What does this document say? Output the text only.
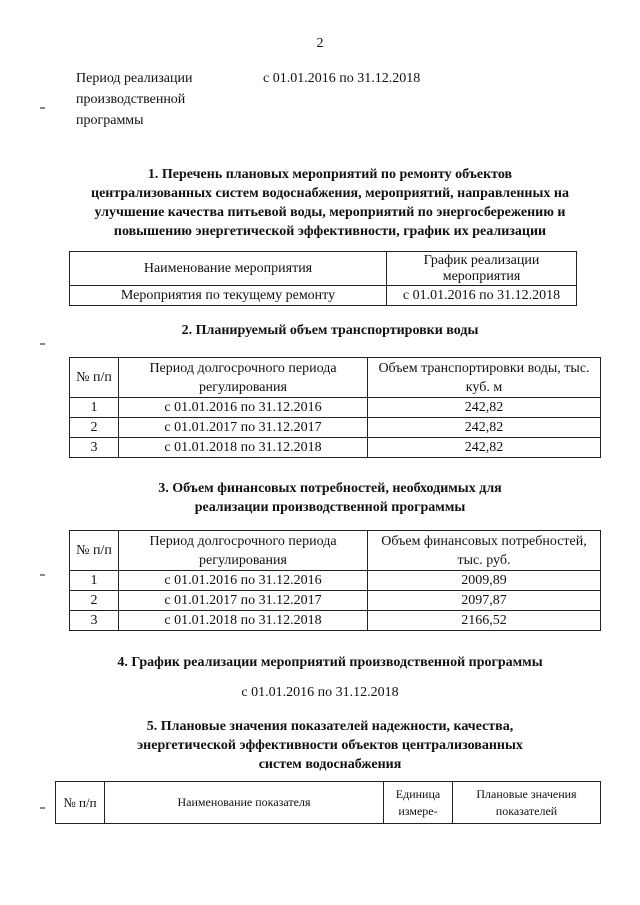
2
Период реализации
производственной
программы
с 01.01.2016 по 31.12.2018
1. Перечень плановых мероприятий по ремонту объектов
централизованных систем водоснабжения, мероприятий, направленных на
улучшение качества питьевой воды, мероприятий по энергосбережению и
повышению энергетической эффективности, график их реализации
Наименование мероприятия	График реализации мероприятия
Мероприятия по текущему ремонту	с 01.01.2016 по 31.12.2018
2. Планируемый объем транспортировки воды
№ п/п	Период долгосрочного периода регулирования	Объем транспортировки воды, тыс. куб. м
1	с 01.01.2016 по 31.12.2016	242,82
2	с 01.01.2017 по 31.12.2017	242,82
3	с 01.01.2018 по 31.12.2018	242,82
3. Объем финансовых потребностей, необходимых для
реализации производственной программы
№ п/п	Период долгосрочного периода регулирования	Объем финансовых потребностей, тыс. руб.
1	с 01.01.2016 по 31.12.2016	2009,89
2	с 01.01.2017 по 31.12.2017	2097,87
3	с 01.01.2018 по 31.12.2018	2166,52
4. График реализации мероприятий производственной программы
с 01.01.2016 по 31.12.2018
5. Плановые значения показателей надежности, качества,
энергетической эффективности объектов централизованных
систем водоснабжения
№ п/п	Наименование показателя	Единица измере-	Плановые значения показателей
